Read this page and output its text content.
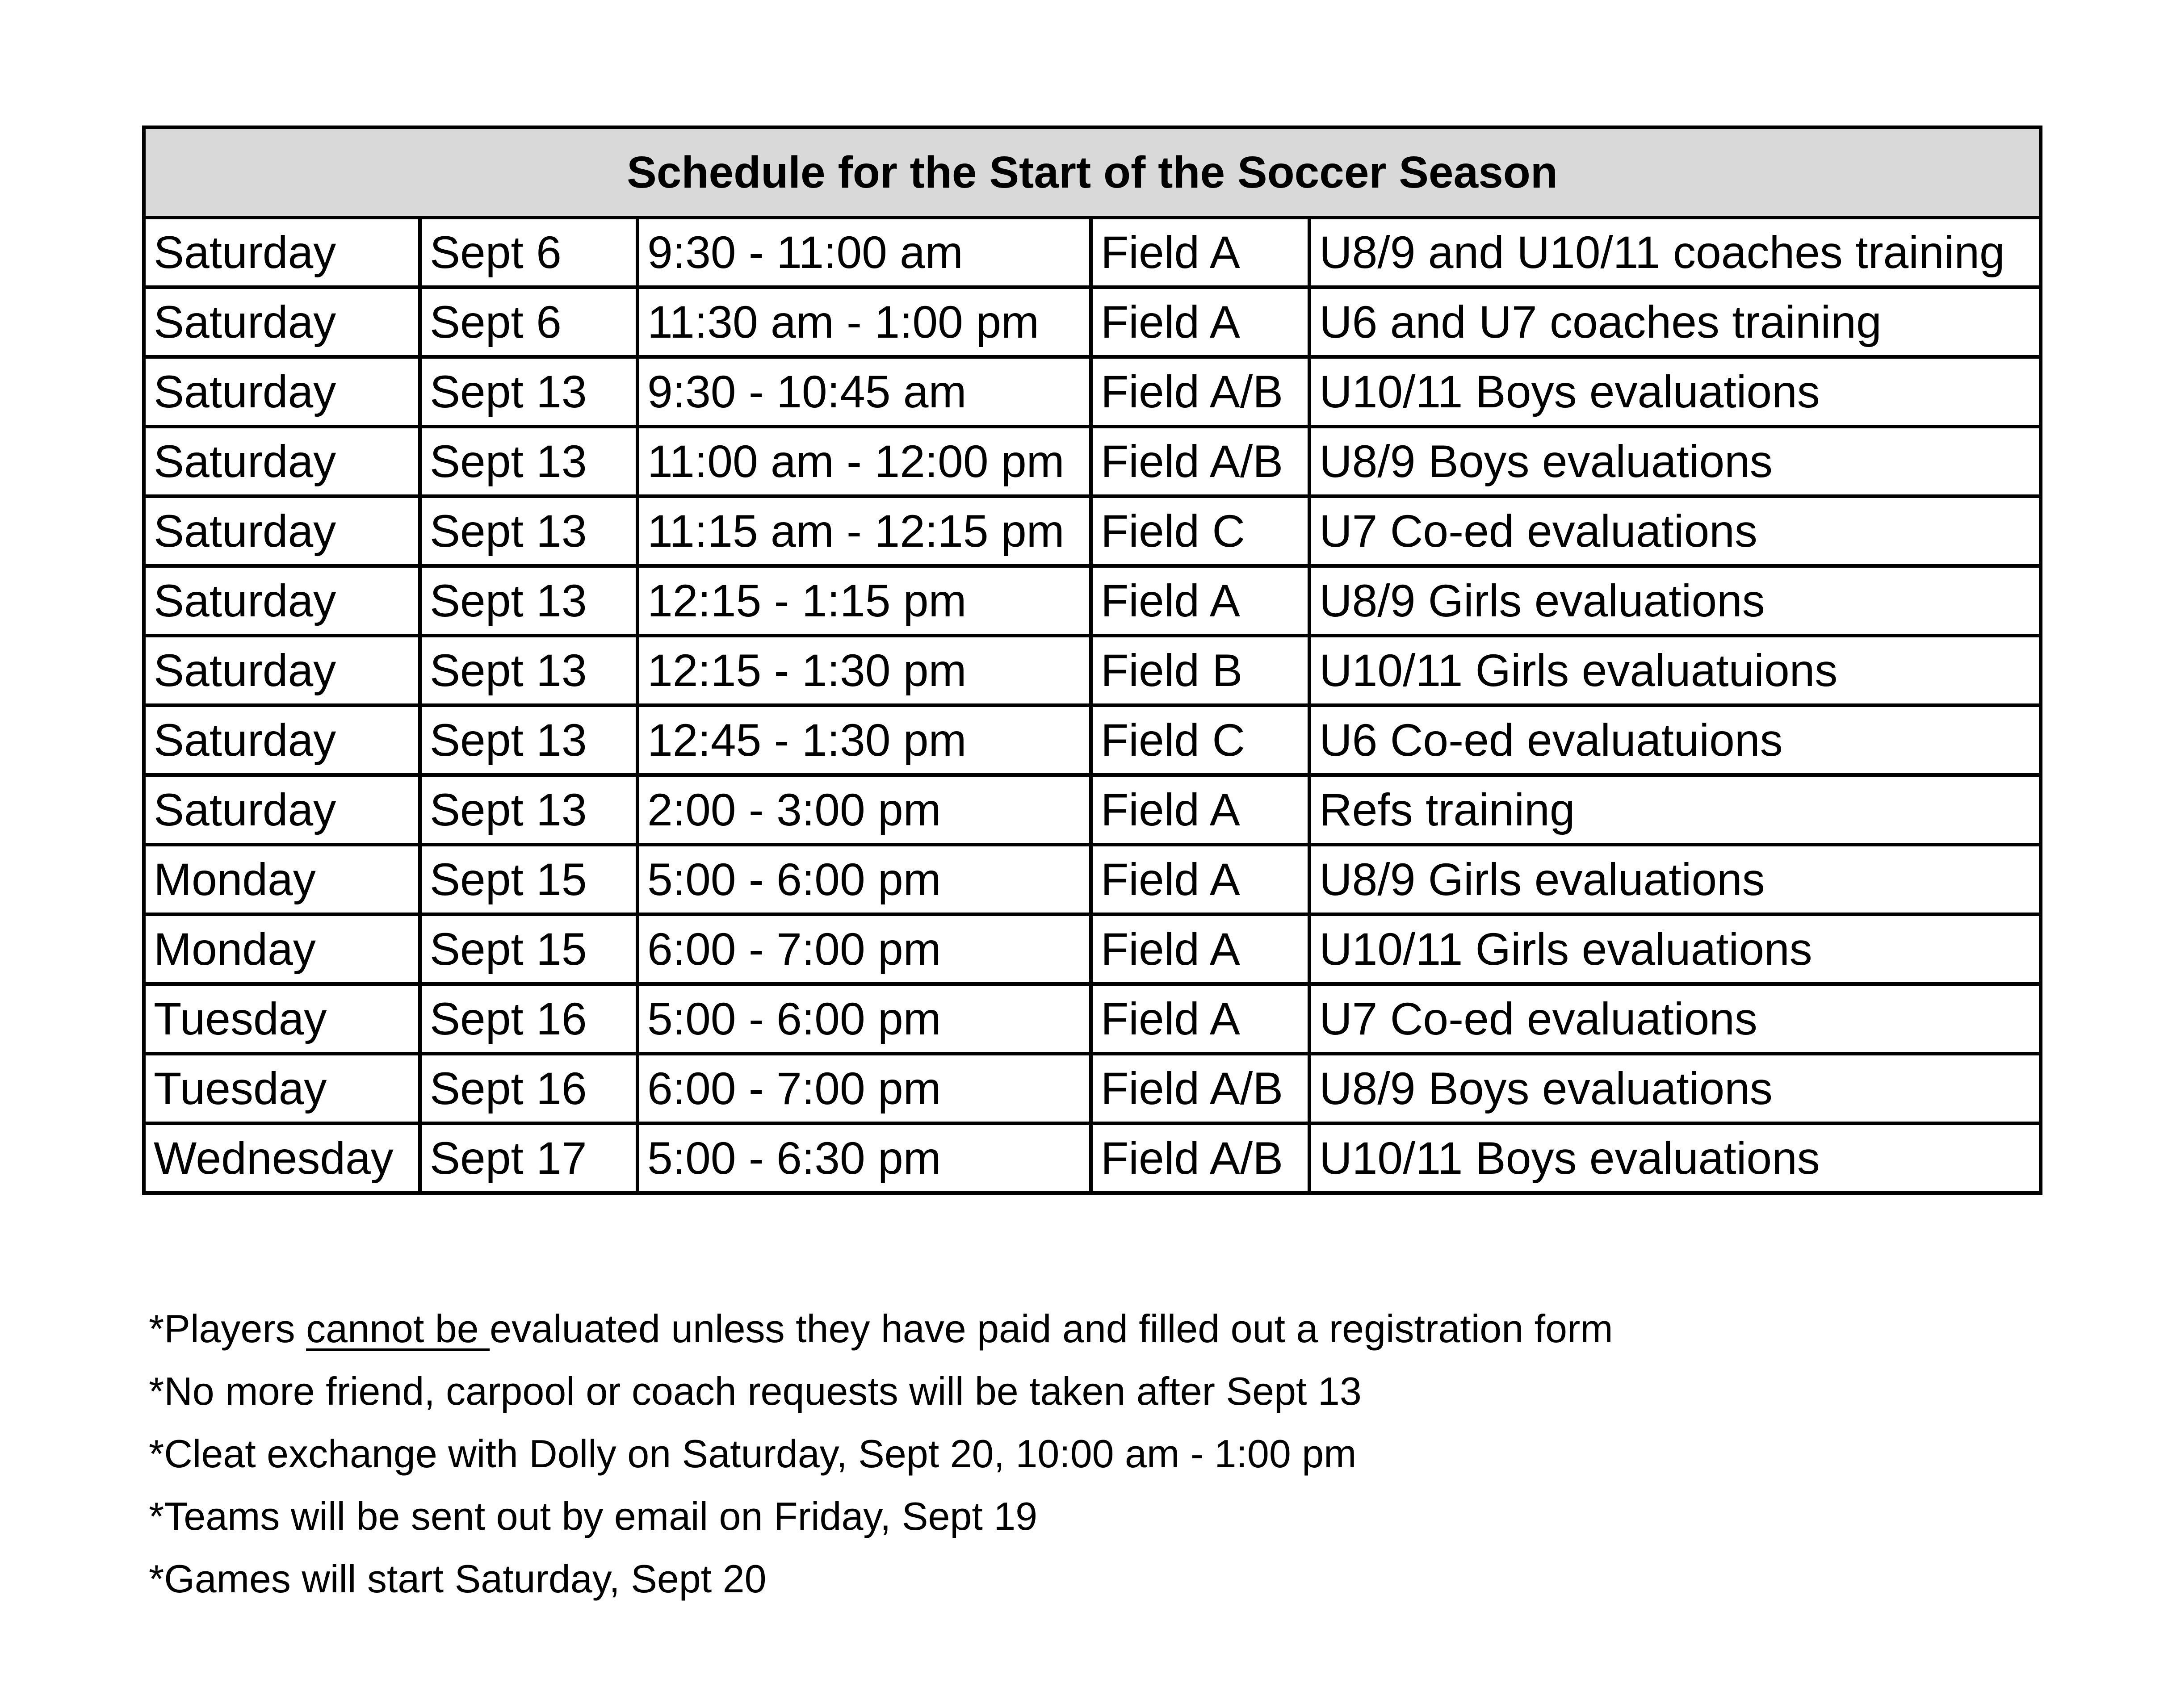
Schedule for the Start of the Soccer Season				
Saturday	Sept 6	9:30 - 11:00 am	Field A	U8/9 and U10/11 coaches training
Saturday	Sept 6	11:30 am - 1:00 pm	Field A	U6 and U7 coaches training
Saturday	Sept 13	9:30 - 10:45 am	Field A/B	U10/11 Boys evaluations
Saturday	Sept 13	11:00 am - 12:00 pm	Field A/B	U8/9 Boys evaluations
Saturday	Sept 13	11:15 am - 12:15 pm	Field C	U7 Co-ed evaluations
Saturday	Sept 13	12:15 - 1:15 pm	Field A	U8/9 Girls evaluations
Saturday	Sept 13	12:15 - 1:30 pm	Field B	U10/11 Girls evaluatuions
Saturday	Sept 13	12:45 - 1:30 pm	Field C	U6 Co-ed evaluatuions
Saturday	Sept 13	2:00 - 3:00 pm	Field A	Refs training
Monday	Sept 15	5:00 - 6:00 pm	Field A	U8/9 Girls evaluations
Monday	Sept 15	6:00 - 7:00 pm	Field A	U10/11 Girls evaluations
Tuesday	Sept 16	5:00 - 6:00 pm	Field A	U7 Co-ed evaluations
Tuesday	Sept 16	6:00 - 7:00 pm	Field A/B	U8/9 Boys evaluations
Wednesday	Sept 17	5:00 - 6:30 pm	Field A/B	U10/11 Boys evaluations
*Players cannot be evaluated unless they have paid and filled out a registration form
*No more friend, carpool or coach requests will be taken after Sept 13
*Cleat exchange with Dolly on Saturday, Sept 20, 10:00 am - 1:00 pm
*Teams will be sent out by email on Friday, Sept 19
*Games will start Saturday, Sept 20
